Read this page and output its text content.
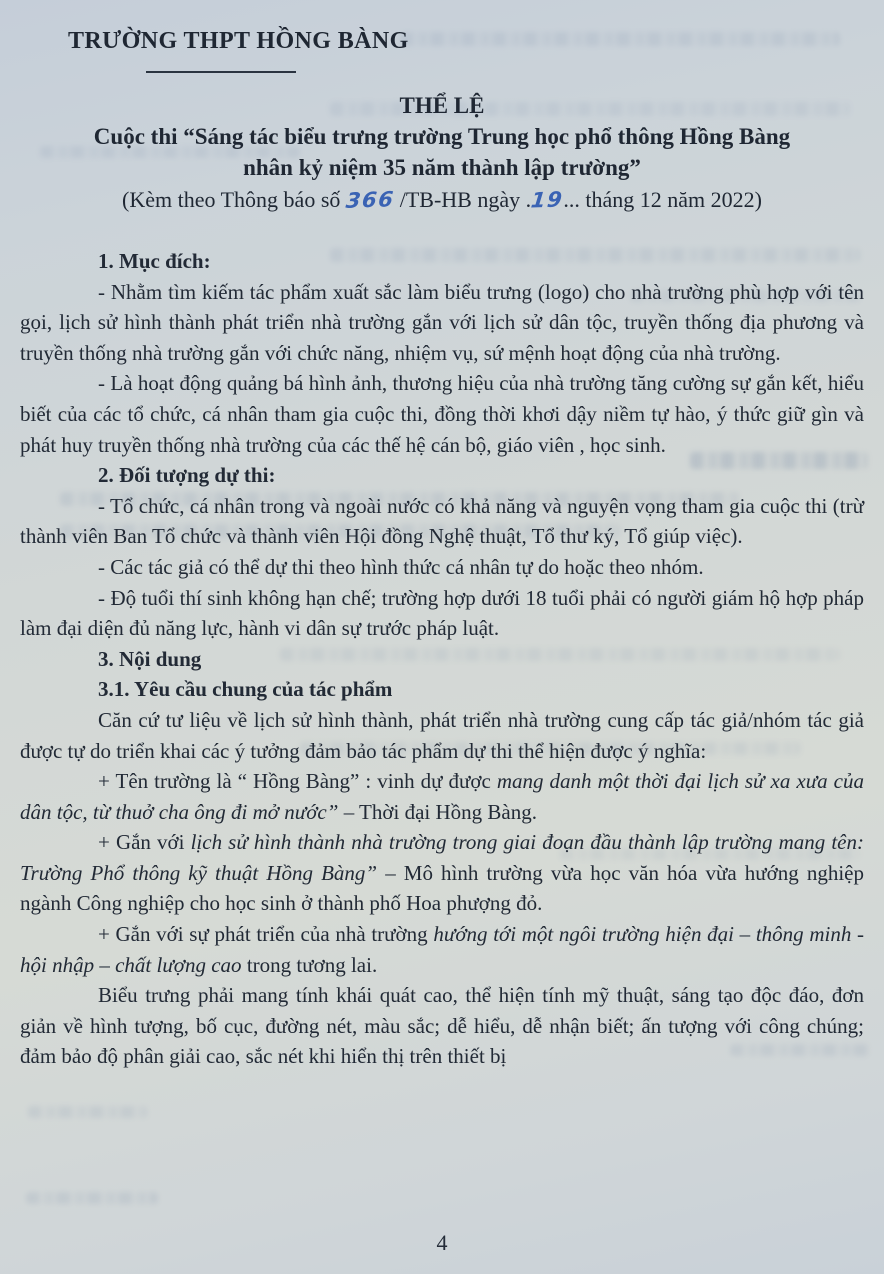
TRƯỜNG THPT HỒNG BÀNG
THỂ LỆ
Cuộc thi “Sáng tác biểu trưng trường Trung học phổ thông Hồng Bàng
nhân kỷ niệm 35 năm thành lập trường”
(Kèm theo Thông báo số 366 /TB-HB ngày .19... tháng 12 năm 2022)

1. Mục đích:

- Nhằm tìm kiếm tác phẩm xuất sắc làm biểu trưng (logo) cho nhà trường phù hợp với tên gọi, lịch sử hình thành phát triển nhà trường gắn với lịch sử dân tộc, truyền thống địa phương và truyền thống nhà trường gắn với chức năng, nhiệm vụ, sứ mệnh hoạt động của nhà trường.

- Là hoạt động quảng bá hình ảnh, thương hiệu của nhà trường tăng cường sự gắn kết, hiểu biết của các tổ chức, cá nhân tham gia cuộc thi, đồng thời khơi dậy niềm tự hào, ý thức giữ gìn và phát huy truyền thống nhà trường của các thế hệ cán bộ, giáo viên , học sinh.

2. Đối tượng dự thi:

- Tổ chức, cá nhân trong và ngoài nước có khả năng và nguyện vọng tham gia cuộc thi (trừ thành viên Ban Tổ chức và thành viên Hội đồng Nghệ thuật, Tổ thư ký, Tổ giúp việc).

- Các tác giả có thể dự thi theo hình thức cá nhân tự do hoặc theo nhóm.

- Độ tuổi thí sinh không hạn chế; trường hợp dưới 18 tuổi phải có người giám hộ hợp pháp làm đại diện đủ năng lực, hành vi dân sự trước pháp luật.

3. Nội dung

3.1. Yêu cầu chung của tác phẩm

Căn cứ tư liệu về lịch sử hình thành, phát triển nhà trường cung cấp tác giả/nhóm tác giả được tự do triển khai các ý tưởng đảm bảo tác phẩm dự thi thể hiện được ý nghĩa:

+ Tên trường là “ Hồng Bàng” : vinh dự được mang danh một thời đại lịch sử xa xưa của dân tộc, từ thuở cha ông đi mở nước” – Thời đại Hồng Bàng.

+ Gắn với lịch sử hình thành nhà trường trong giai đoạn đầu thành lập trường mang tên: Trường Phổ thông kỹ thuật Hồng Bàng” – Mô hình trường vừa học văn hóa vừa hướng nghiệp ngành Công nghiệp cho học sinh ở thành phố Hoa phượng đỏ.

+ Gắn với sự phát triển của nhà trường hướng tới một ngôi trường hiện đại – thông minh - hội nhập – chất lượng cao trong tương lai.

Biểu trưng phải mang tính khái quát cao, thể hiện tính mỹ thuật, sáng tạo độc đáo, đơn giản về hình tượng, bố cục, đường nét, màu sắc; dễ hiểu, dễ nhận biết; ấn tượng với công chúng; đảm bảo độ phân giải cao, sắc nét khi hiển thị trên thiết bị

4
